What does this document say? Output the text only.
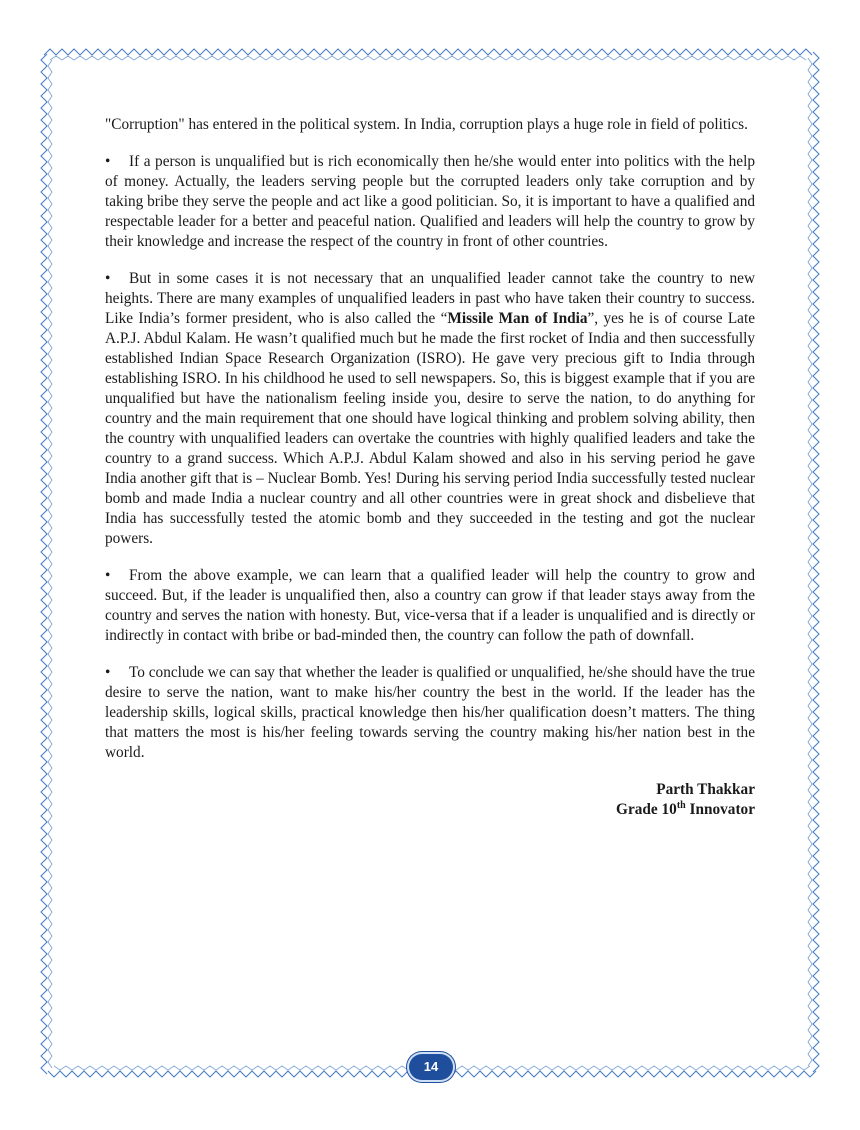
"Corruption" has entered in the political system. In India, corruption plays a huge role in field of politics.

• If a person is unqualified but is rich economically then he/she would enter into politics with the help of money. Actually, the leaders serving people but the corrupted leaders only take corruption and by taking bribe they serve the people and act like a good politician. So, it is important to have a qualified and respectable leader for a better and peaceful nation. Qualified and leaders will help the country to grow by their knowledge and increase the respect of the country in front of other countries.

• But in some cases it is not necessary that an unqualified leader cannot take the country to new heights. There are many examples of unqualified leaders in past who have taken their country to success. Like India’s former president, who is also called the “Missile Man of India”, yes he is of course Late A.P.J. Abdul Kalam. He wasn’t qualified much but he made the first rocket of India and then successfully established Indian Space Research Organization (ISRO). He gave very precious gift to India through establishing ISRO. In his childhood he used to sell newspapers. So, this is biggest example that if you are unqualified but have the nationalism feeling inside you, desire to serve the nation, to do anything for country and the main requirement that one should have logical thinking and problem solving ability, then the country with unqualified leaders can overtake the countries with highly qualified leaders and take the country to a grand success. Which A.P.J. Abdul Kalam showed and also in his serving period he gave India another gift that is – Nuclear Bomb. Yes! During his serving period India successfully tested nuclear bomb and made India a nuclear country and all other countries were in great shock and disbelieve that India has successfully tested the atomic bomb and they succeeded in the testing and got the nuclear powers.

• From the above example, we can learn that a qualified leader will help the country to grow and succeed. But, if the leader is unqualified then, also a country can grow if that leader stays away from the country and serves the nation with honesty. But, vice-versa that if a leader is unqualified and is directly or indirectly in contact with bribe or bad-minded then, the country can follow the path of downfall.

• To conclude we can say that whether the leader is qualified or unqualified, he/she should have the true desire to serve the nation, want to make his/her country the best in the world. If the leader has the leadership skills, logical skills, practical knowledge then his/her qualification doesn’t matters. The thing that matters the most is his/her feeling towards serving the country making his/her nation best in the world.

Parth Thakkar
Grade 10th Innovator
14
